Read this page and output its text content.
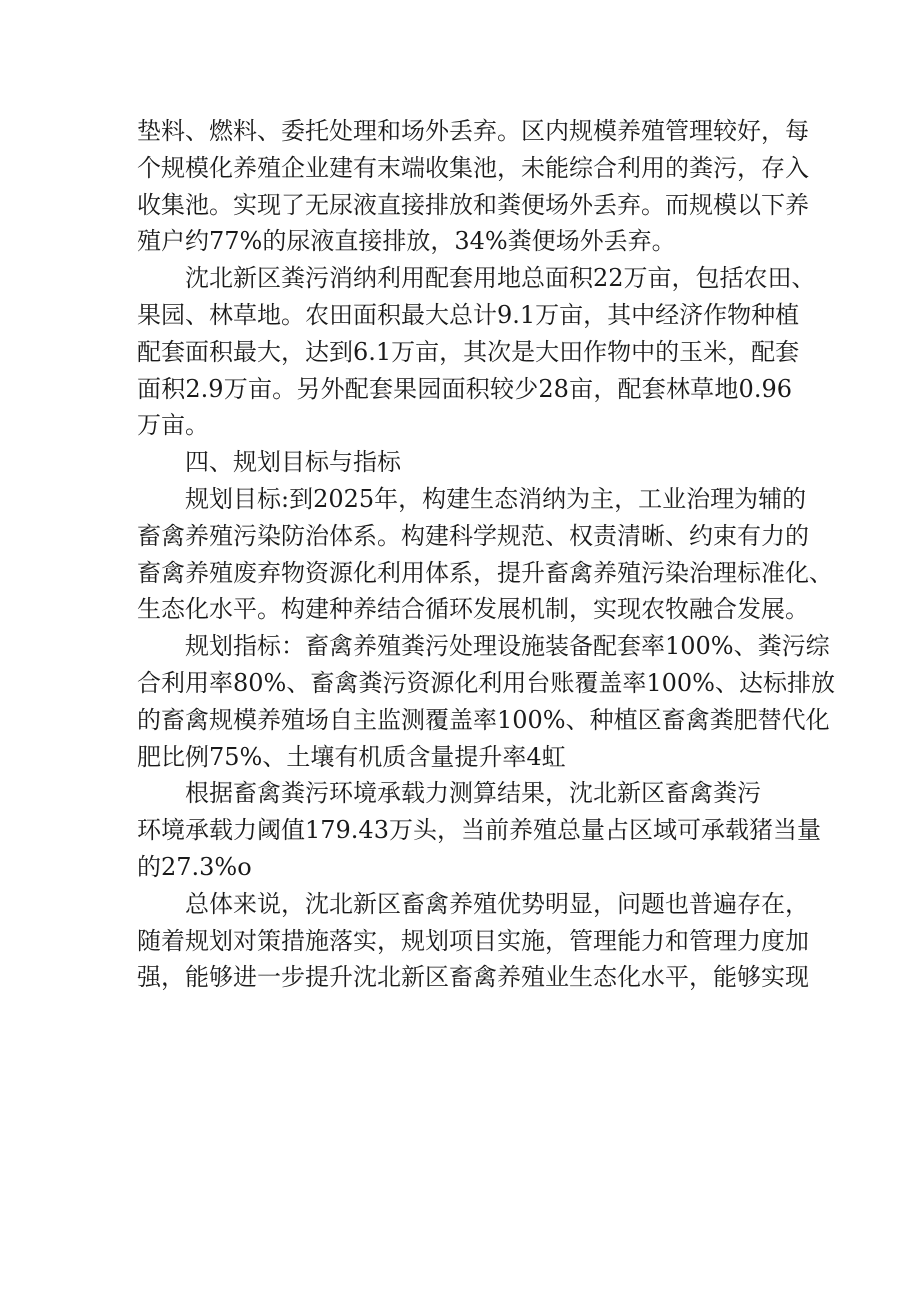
垫料、燃料、委托处理和场外丢弃。区内规模养殖管理较好，每
个规模化养殖企业建有末端收集池，未能综合利用的粪污，存入
收集池。实现了无尿液直接排放和粪便场外丢弃。而规模以下养
殖户约77%的尿液直接排放，34%粪便场外丢弃。
沈北新区粪污消纳利用配套用地总面积22万亩，包括农田、
果园、林草地。农田面积最大总计9.1万亩，其中经济作物种植
配套面积最大，达到6.1万亩，其次是大田作物中的玉米，配套
面积2.9万亩。另外配套果园面积较少28亩，配套林草地0.96
万亩。
四、规划目标与指标
规划目标:到2025年，构建生态消纳为主，工业治理为辅的
畜禽养殖污染防治体系。构建科学规范、权责清晰、约束有力的
畜禽养殖废弃物资源化利用体系，提升畜禽养殖污染治理标准化、
生态化水平。构建种养结合循环发展机制，实现农牧融合发展。
规划指标：畜禽养殖粪污处理设施装备配套率100%、粪污综
合利用率80%、畜禽粪污资源化利用台账覆盖率100%、达标排放
的畜禽规模养殖场自主监测覆盖率100%、种植区畜禽粪肥替代化
肥比例75%、土壤有机质含量提升率4虹
根据畜禽粪污环境承载力测算结果，沈北新区畜禽粪污
环境承载力阈值179.43万头，当前养殖总量占区域可承载猪当量
的27.3%o
总体来说，沈北新区畜禽养殖优势明显，问题也普遍存在，
随着规划对策措施落实，规划项目实施，管理能力和管理力度加
强，能够进一步提升沈北新区畜禽养殖业生态化水平，能够实现
